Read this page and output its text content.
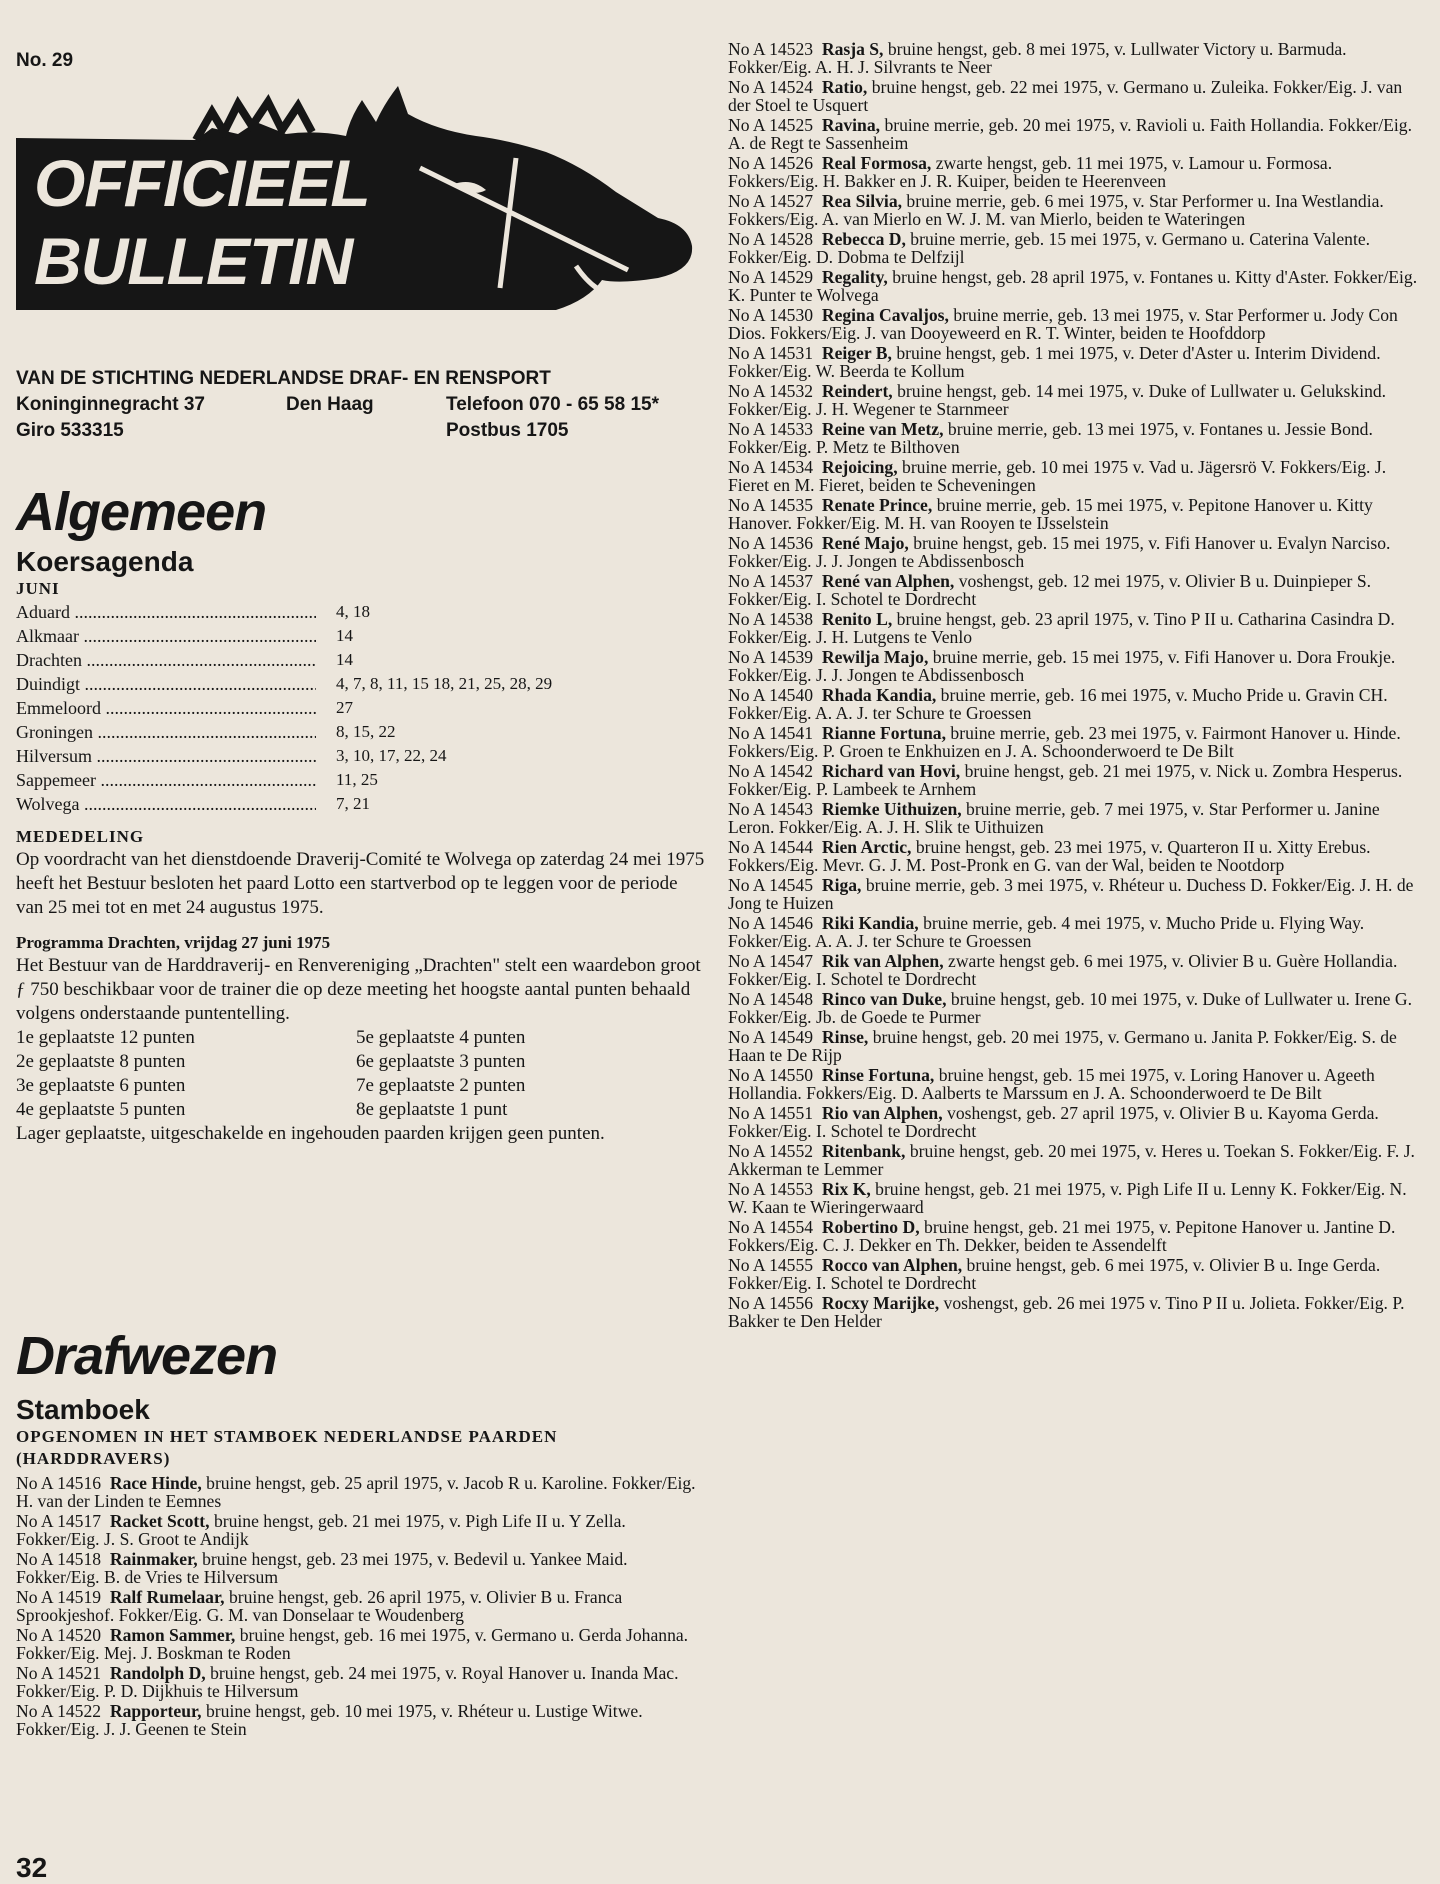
No. 29
OFFICIEEL
BULLETIN
VAN DE STICHTING NEDERLANDSE DRAF- EN RENSPORT
Koninginnegracht 37	Den Haag	Telefoon 070 - 65 58 15*
Giro 533315	Postbus 1705
Algemeen
Koersagenda
JUNI
Aduard .....	4, 18
Alkmaar .....	14
Drachten .....	14
Duindigt .....	4, 7, 8, 11, 15 18, 21, 25, 28, 29
Emmeloord .....	27
Groningen .....	8, 15, 22
Hilversum .....	3, 10, 17, 22, 24
Sappemeer .....	11, 25
Wolvega .....	7, 21
MEDEDELING
Op voordracht van het dienstdoende Draverij-Comité te Wolvega op zaterdag 24 mei 1975 heeft het Bestuur besloten het paard Lotto een startverbod op te leggen voor de periode van 25 mei tot en met 24 augustus 1975.
Programma Drachten, vrijdag 27 juni 1975
Het Bestuur van de Harddraverij- en Renvereniging „Drachten" stelt een waardebon groot ƒ 750 beschikbaar voor de trainer die op deze meeting het hoogste aantal punten behaald volgens onderstaande puntentelling.
1e geplaatste 12 punten	5e geplaatste 4 punten
2e geplaatste 8 punten	6e geplaatste 3 punten
3e geplaatste 6 punten	7e geplaatste 2 punten
4e geplaatste 5 punten	8e geplaatste 1 punt
Lager geplaatste, uitgeschakelde en ingehouden paarden krijgen geen punten.
Drafwezen
Stamboek
OPGENOMEN IN HET STAMBOEK NEDERLANDSE PAARDEN (HARDDRAVERS)
No A 14516  Race Hinde, bruine hengst, geb. 25 april 1975, v. Jacob R u. Karoline. Fokker/Eig. H. van der Linden te Eemnes
No A 14517  Racket Scott, bruine hengst, geb. 21 mei 1975, v. Pigh Life II u. Y Zella. Fokker/Eig. J. S. Groot te Andijk
No A 14518  Rainmaker, bruine hengst, geb. 23 mei 1975, v. Bedevil u. Yankee Maid. Fokker/Eig. B. de Vries te Hilversum
No A 14519  Ralf Rumelaar, bruine hengst, geb. 26 april 1975, v. Olivier B u. Franca Sprookjeshof. Fokker/Eig. G. M. van Donselaar te Woudenberg
No A 14520  Ramon Sammer, bruine hengst, geb. 16 mei 1975, v. Germano u. Gerda Johanna. Fokker/Eig. Mej. J. Boskman te Roden
No A 14521  Randolph D, bruine hengst, geb. 24 mei 1975, v. Royal Hanover u. Inanda Mac. Fokker/Eig. P. D. Dijkhuis te Hilversum
No A 14522  Rapporteur, bruine hengst, geb. 10 mei 1975, v. Rhéteur u. Lustige Witwe. Fokker/Eig. J. J. Geenen te Stein
No A 14523  Rasja S, bruine hengst, geb. 8 mei 1975, v. Lullwater Victory u. Barmuda. Fokker/Eig. A. H. J. Silvrants te Neer
No A 14524  Ratio, bruine hengst, geb. 22 mei 1975, v. Germano u. Zuleika. Fokker/Eig. J. van der Stoel te Usquert
No A 14525  Ravina, bruine merrie, geb. 20 mei 1975, v. Ravioli u. Faith Hollandia. Fokker/Eig. A. de Regt te Sassenheim
No A 14526  Real Formosa, zwarte hengst, geb. 11 mei 1975, v. Lamour u. Formosa. Fokkers/Eig. H. Bakker en J. R. Kuiper, beiden te Heerenveen
No A 14527  Rea Silvia, bruine merrie, geb. 6 mei 1975, v. Star Performer u. Ina Westlandia. Fokkers/Eig. A. van Mierlo en W. J. M. van Mierlo, beiden te Wateringen
No A 14528  Rebecca D, bruine merrie, geb. 15 mei 1975, v. Germano u. Caterina Valente. Fokker/Eig. D. Dobma te Delfzijl
No A 14529  Regality, bruine hengst, geb. 28 april 1975, v. Fontanes u. Kitty d'Aster. Fokker/Eig. K. Punter te Wolvega
No A 14530  Regina Cavaljos, bruine merrie, geb. 13 mei 1975, v. Star Performer u. Jody Con Dios. Fokkers/Eig. J. van Dooyeweerd en R. T. Winter, beiden te Hoofddorp
No A 14531  Reiger B, bruine hengst, geb. 1 mei 1975, v. Deter d'Aster u. Interim Dividend. Fokker/Eig. W. Beerda te Kollum
No A 14532  Reindert, bruine hengst, geb. 14 mei 1975, v. Duke of Lullwater u. Gelukskind. Fokker/Eig. J. H. Wegener te Starnmeer
No A 14533  Reine van Metz, bruine merrie, geb. 13 mei 1975, v. Fontanes u. Jessie Bond. Fokker/Eig. P. Metz te Bilthoven
No A 14534  Rejoicing, bruine merrie, geb. 10 mei 1975 v. Vad u. Jägersrö V. Fokkers/Eig. J. Fieret en M. Fieret, beiden te Scheveningen
No A 14535  Renate Prince, bruine merrie, geb. 15 mei 1975, v. Pepitone Hanover u. Kitty Hanover. Fokker/Eig. M. H. van Rooyen te IJsselstein
No A 14536  René Majo, bruine hengst, geb. 15 mei 1975, v. Fifi Hanover u. Evalyn Narciso. Fokker/Eig. J. J. Jongen te Abdissenbosch
No A 14537  René van Alphen, voshengst, geb. 12 mei 1975, v. Olivier B u. Duinpieper S. Fokker/Eig. I. Schotel te Dordrecht
No A 14538  Renito L, bruine hengst, geb. 23 april 1975, v. Tino P II u. Catharina Casindra D. Fokker/Eig. J. H. Lutgens te Venlo
No A 14539  Rewilja Majo, bruine merrie, geb. 15 mei 1975, v. Fifi Hanover u. Dora Froukje. Fokker/Eig. J. J. Jongen te Abdissenbosch
No A 14540  Rhada Kandia, bruine merrie, geb. 16 mei 1975, v. Mucho Pride u. Gravin CH. Fokker/Eig. A. A. J. ter Schure te Groessen
No A 14541  Rianne Fortuna, bruine merrie, geb. 23 mei 1975, v. Fairmont Hanover u. Hinde. Fokkers/Eig. P. Groen te Enkhuizen en J. A. Schoonderwoerd te De Bilt
No A 14542  Richard van Hovi, bruine hengst, geb. 21 mei 1975, v. Nick u. Zombra Hesperus. Fokker/Eig. P. Lambeek te Arnhem
No A 14543  Riemke Uithuizen, bruine merrie, geb. 7 mei 1975, v. Star Performer u. Janine Leron. Fokker/Eig. A. J. H. Slik te Uithuizen
No A 14544  Rien Arctic, bruine hengst, geb. 23 mei 1975, v. Quarteron II u. Xitty Erebus. Fokkers/Eig. Mevr. G. J. M. Post-Pronk en G. van der Wal, beiden te Nootdorp
No A 14545  Riga, bruine merrie, geb. 3 mei 1975, v. Rhéteur u. Duchess D. Fokker/Eig. J. H. de Jong te Huizen
No A 14546  Riki Kandia, bruine merrie, geb. 4 mei 1975, v. Mucho Pride u. Flying Way. Fokker/Eig. A. A. J. ter Schure te Groessen
No A 14547  Rik van Alphen, zwarte hengst geb. 6 mei 1975, v. Olivier B u. Guère Hollandia. Fokker/Eig. I. Schotel te Dordrecht
No A 14548  Rinco van Duke, bruine hengst, geb. 10 mei 1975, v. Duke of Lullwater u. Irene G. Fokker/Eig. Jb. de Goede te Purmer
No A 14549  Rinse, bruine hengst, geb. 20 mei 1975, v. Germano u. Janita P. Fokker/Eig. S. de Haan te De Rijp
No A 14550  Rinse Fortuna, bruine hengst, geb. 15 mei 1975, v. Loring Hanover u. Ageeth Hollandia. Fokkers/Eig. D. Aalberts te Marssum en J. A. Schoonderwoerd te De Bilt
No A 14551  Rio van Alphen, voshengst, geb. 27 april 1975, v. Olivier B u. Kayoma Gerda. Fokker/Eig. I. Schotel te Dordrecht
No A 14552  Ritenbank, bruine hengst, geb. 20 mei 1975, v. Heres u. Toekan S. Fokker/Eig. F. J. Akkerman te Lemmer
No A 14553  Rix K, bruine hengst, geb. 21 mei 1975, v. Pigh Life II u. Lenny K. Fokker/Eig. N. W. Kaan te Wieringerwaard
No A 14554  Robertino D, bruine hengst, geb. 21 mei 1975, v. Pepitone Hanover u. Jantine D. Fokkers/Eig. C. J. Dekker en Th. Dekker, beiden te Assendelft
No A 14555  Rocco van Alphen, bruine hengst, geb. 6 mei 1975, v. Olivier B u. Inge Gerda. Fokker/Eig. I. Schotel te Dordrecht
No A 14556  Rocxy Marijke, voshengst, geb. 26 mei 1975 v. Tino P II u. Jolieta. Fokker/Eig. P. Bakker te Den Helder
32
